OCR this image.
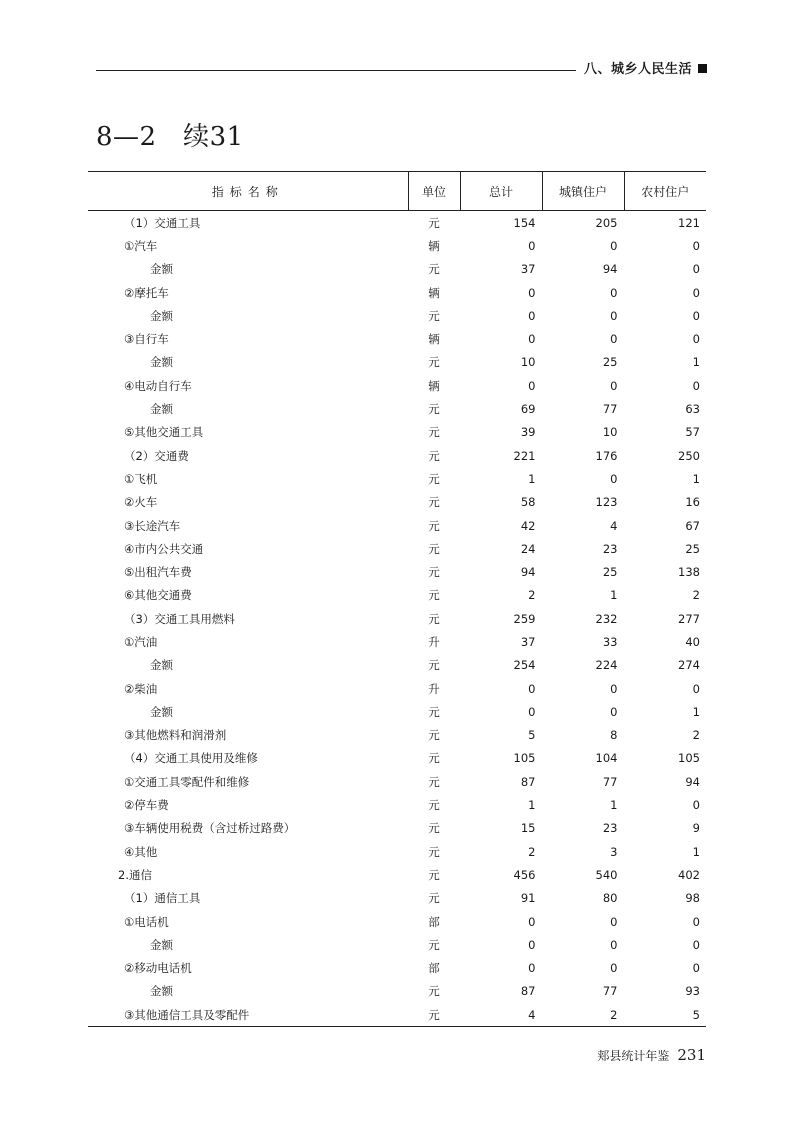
八、城乡人民生活
8—2　续31
指标名称	单位	总计	城镇住户	农村住户
（1）交通工具	元	154	205	121
①汽车	辆	0	0	0
金额	元	37	94	0
②摩托车	辆	0	0	0
金额	元	0	0	0
③自行车	辆	0	0	0
金额	元	10	25	1
④电动自行车	辆	0	0	0
金额	元	69	77	63
⑤其他交通工具	元	39	10	57
（2）交通费	元	221	176	250
①飞机	元	1	0	1
②火车	元	58	123	16
③长途汽车	元	42	4	67
④市内公共交通	元	24	23	25
⑤出租汽车费	元	94	25	138
⑥其他交通费	元	2	1	2
（3）交通工具用燃料	元	259	232	277
①汽油	升	37	33	40
金额	元	254	224	274
②柴油	升	0	0	0
金额	元	0	0	1
③其他燃料和润滑剂	元	5	8	2
（4）交通工具使用及维修	元	105	104	105
①交通工具零配件和维修	元	87	77	94
②停车费	元	1	1	0
③车辆使用税费（含过桥过路费）	元	15	23	9
④其他	元	2	3	1
2.通信	元	456	540	402
（1）通信工具	元	91	80	98
①电话机	部	0	0	0
金额	元	0	0	0
②移动电话机	部	0	0	0
金额	元	87	77	93
③其他通信工具及零配件	元	4	2	5
郏县统计年鉴 231
